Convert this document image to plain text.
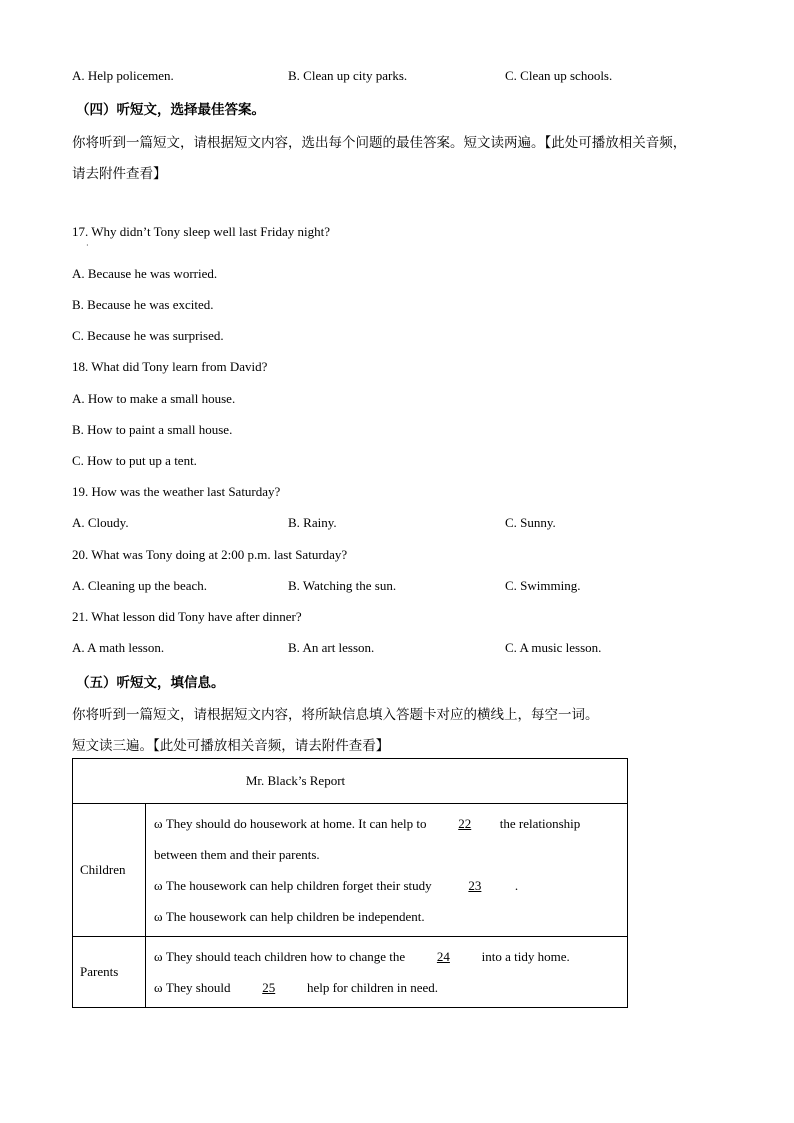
A. Help policemen.	B. Clean up city parks.	C. Clean up schools.
（四）听短文，选择最佳答案。
你将听到一篇短文，请根据短文内容，选出每个问题的最佳答案。短文读两遍。【此处可播放相关音频，
请去附件查看】
17. Why didn’t Tony sleep well last Friday night?
·
A. Because he was worried.
B. Because he was excited.
C. Because he was surprised.
18. What did Tony learn from David?
A. How to make a small house.
B. How to paint a small house.
C. How to put up a tent.
19. How was the weather last Saturday?
A. Cloudy.	B. Rainy.	C. Sunny.
20. What was Tony doing at 2:00 p.m. last Saturday?
A. Cleaning up the beach.	B. Watching the sun.	C. Swimming.
21. What lesson did Tony have after dinner?
A. A math lesson.	B. An art lesson.	C. A music lesson.
（五）听短文，填信息。
你将听到一篇短文，请根据短文内容，将所缺信息填入答题卡对应的横线上，每空一词。
短文读三遍。【此处可播放相关音频，请去附件查看】
Mr. Black’s Report	
Children	ω They should do housework at home. It can help to 22 the relationship
between them and their parents.
ω The housework can help children forget their study 23 .
ω The housework can help children be independent.

Parents	ω They should teach children how to change the 24 into a tidy home.
ω They should 25 help for children in need.
